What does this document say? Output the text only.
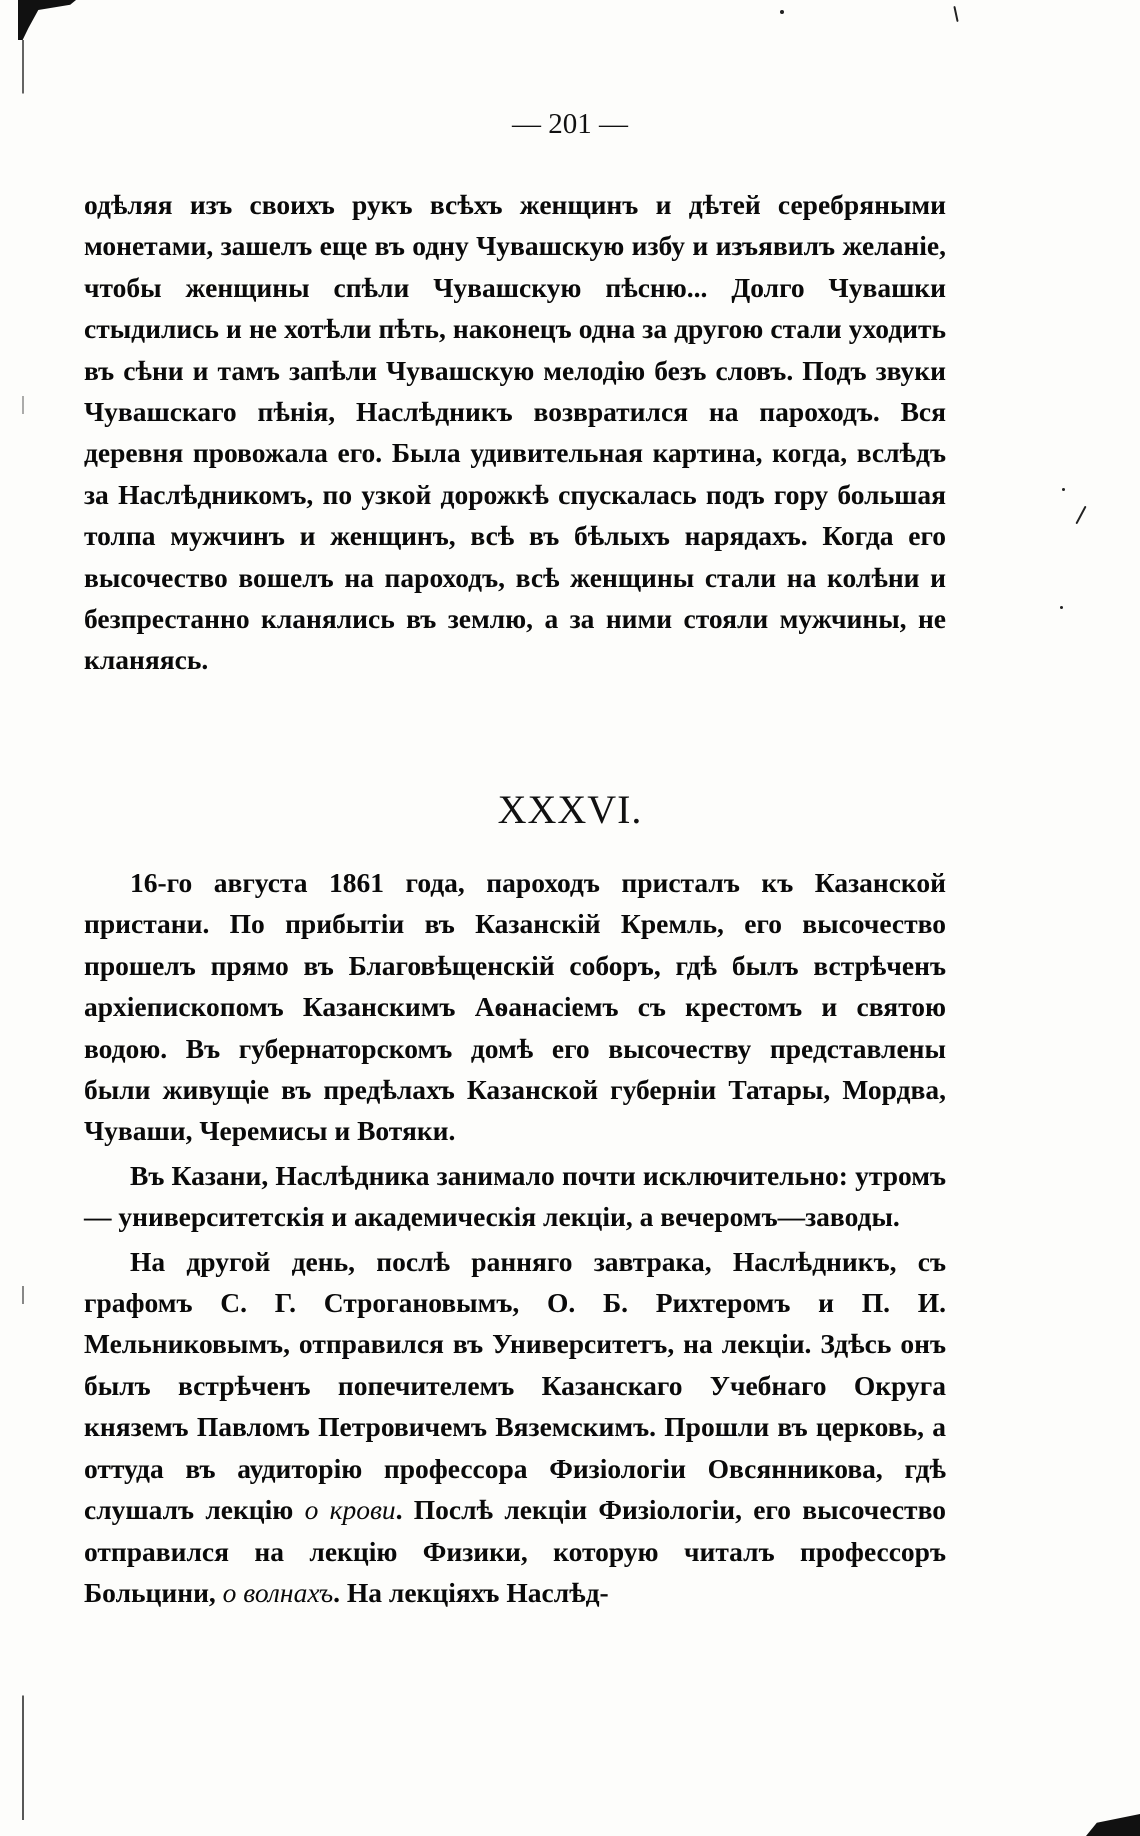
— 201 —

одѣляя изъ своихъ рукъ всѣхъ женщинъ и дѣтей серебряными монетами, зашелъ еще въ одну Чувашскую избу и изъявилъ желаніе, чтобы женщины спѣли Чувашскую пѣсню... Долго Чувашки стыдились и не хотѣли пѣть, наконецъ одна за другою стали уходить въ сѣни и тамъ запѣли Чувашскую мелодію безъ словъ. Подъ звуки Чувашскаго пѣнія, Наслѣдникъ возвратился на пароходъ. Вся деревня провожала его. Была удивительная картина, когда, вслѣдъ за Наслѣдникомъ, по узкой дорожкѣ спускалась подъ гору большая толпа мужчинъ и женщинъ, всѣ въ бѣлыхъ нарядахъ. Когда его высочество вошелъ на пароходъ, всѣ женщины стали на колѣни и безпрестанно кланялись въ землю, а за ними стояли мужчины, не кланяясь.

XXXVI.

16-го августа 1861 года, пароходъ присталъ къ Казанской пристани. По прибытіи въ Казанскій Кремль, его высочество прошелъ прямо въ Благовѣщенскій соборъ, гдѣ былъ встрѣченъ архіепископомъ Казанскимъ Аѳанасіемъ съ крестомъ и святою водою. Въ губернаторскомъ домѣ его высочеству представлены были живущіе въ предѣлахъ Казанской губерніи Татары, Мордва, Чуваши, Черемисы и Вотяки.

Въ Казани, Наслѣдника занимало почти исключительно: утромъ — университетскія и академическія лекціи, а вечеромъ—заводы.

На другой день, послѣ ранняго завтрака, Наслѣдникъ, съ графомъ С. Г. Строгановымъ, О. Б. Рихтеромъ и П. И. Мельниковымъ, отправился въ Университетъ, на лекціи. Здѣсь онъ былъ встрѣченъ попечителемъ Казанскаго Учебнаго Округа княземъ Павломъ Петровичемъ Вяземскимъ. Прошли въ церковь, а оттуда въ аудиторію профессора Физіологіи Овсянникова, гдѣ слушалъ лекцію о крови. Послѣ лекціи Физіологіи, его высочество отправился на лекцію Физики, которую читалъ профессоръ Больцини, о волнахъ. На лекціяхъ Наслѣд-
